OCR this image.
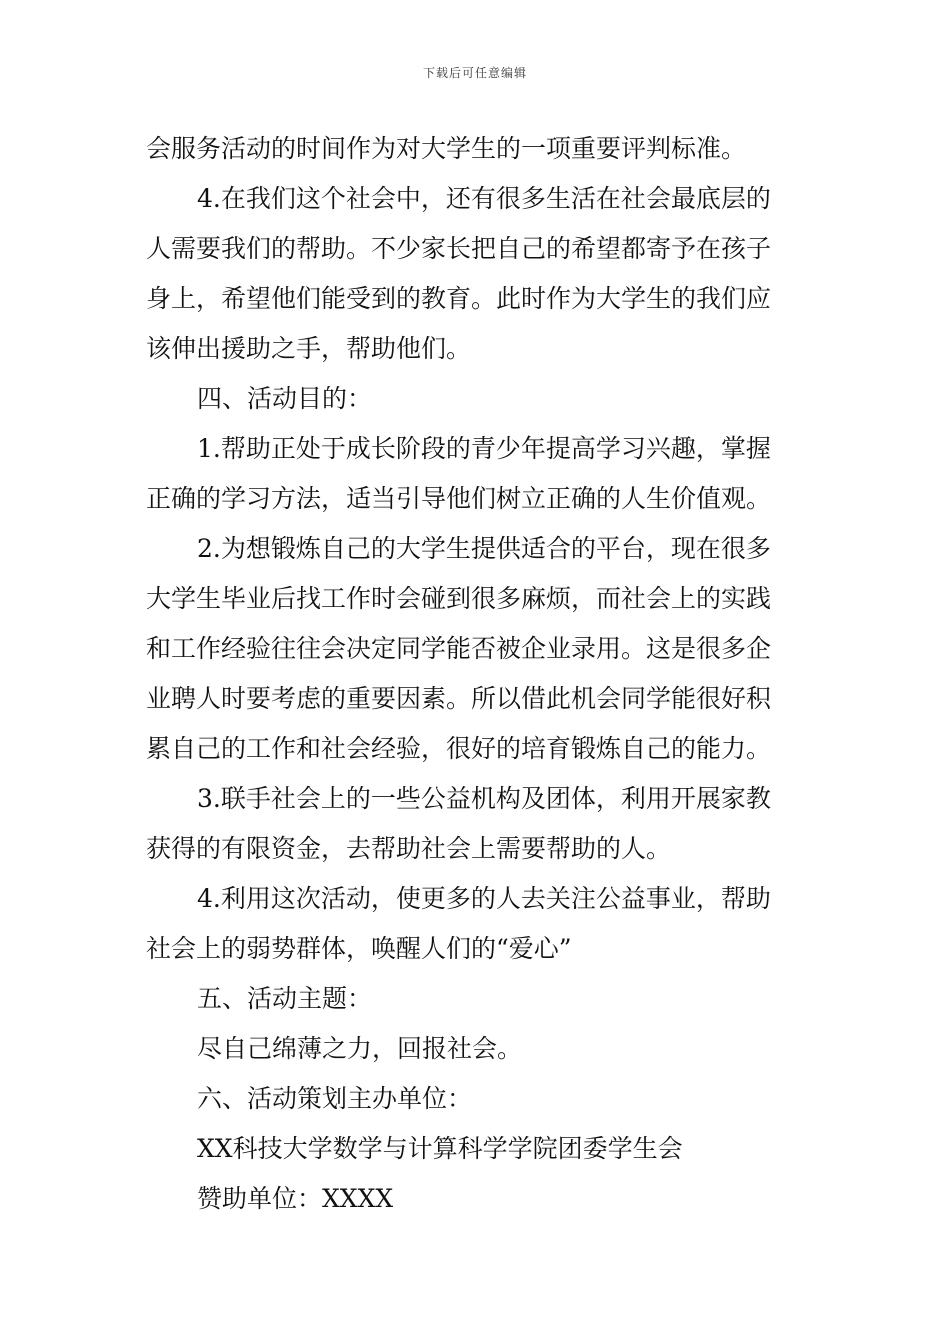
下载后可任意编辑
会服务活动的时间作为对大学生的一项重要评判标准。
4.在我们这个社会中，还有很多生活在社会最底层的
人需要我们的帮助。不少家长把自己的希望都寄予在孩子
身上，希望他们能受到的教育。此时作为大学生的我们应
该伸出援助之手，帮助他们。
四、活动目的：
1.帮助正处于成长阶段的青少年提高学习兴趣，掌握
正确的学习方法，适当引导他们树立正确的人生价值观。
2.为想锻炼自己的大学生提供适合的平台，现在很多
大学生毕业后找工作时会碰到很多麻烦，而社会上的实践
和工作经验往往会决定同学能否被企业录用。这是很多企
业聘人时要考虑的重要因素。所以借此机会同学能很好积
累自己的工作和社会经验，很好的培育锻炼自己的能力。
3.联手社会上的一些公益机构及团体，利用开展家教
获得的有限资金，去帮助社会上需要帮助的人。
4.利用这次活动，使更多的人去关注公益事业，帮助
社会上的弱势群体，唤醒人们的“爱心”
五、活动主题：
尽自己绵薄之力，回报社会。
六、活动策划主办单位：
XX科技大学数学与计算科学学院团委学生会
赞助单位：XXXX
